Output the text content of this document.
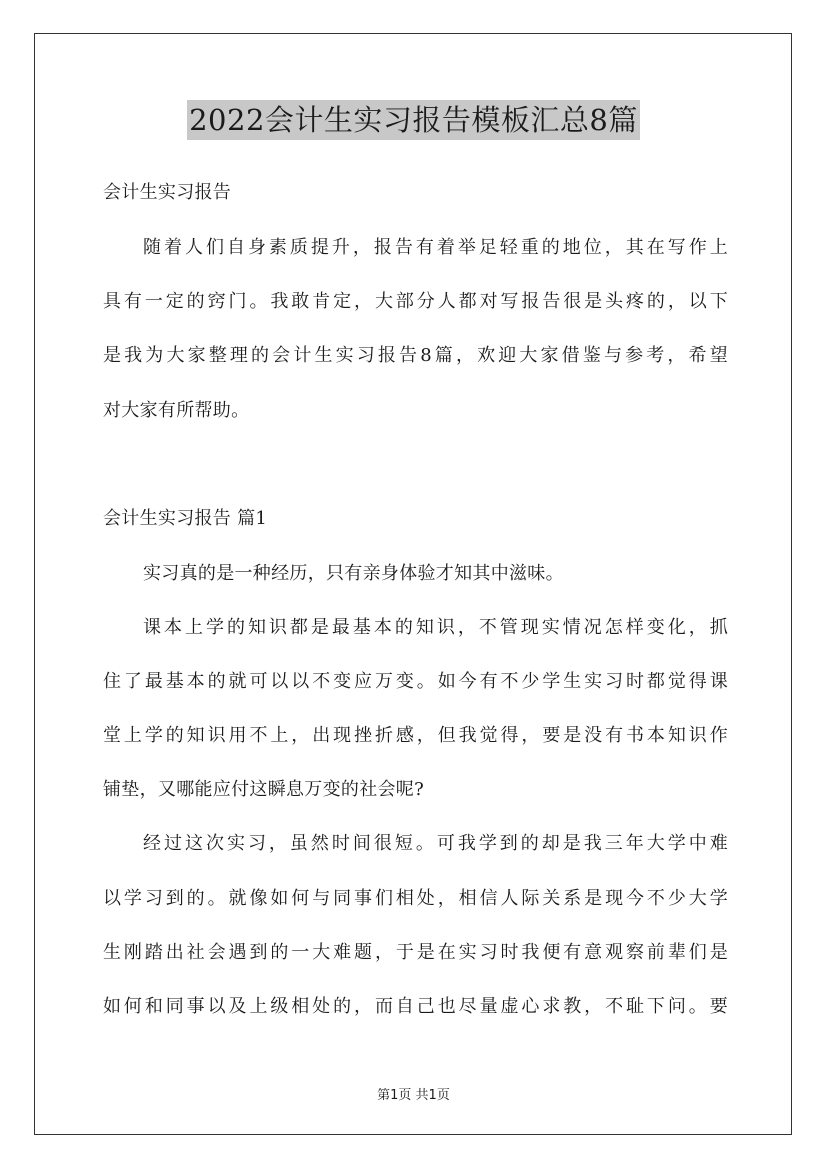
2022会计生实习报告模板汇总8篇
会计生实习报告
随着人们自身素质提升，报告有着举足轻重的地位，其在写作上
具有一定的窍门。我敢肯定，大部分人都对写报告很是头疼的，以下
是我为大家整理的会计生实习报告8篇，欢迎大家借鉴与参考，希望
对大家有所帮助。
会计生实习报告 篇1
实习真的是一种经历，只有亲身体验才知其中滋味。
课本上学的知识都是最基本的知识，不管现实情况怎样变化，抓
住了最基本的就可以以不变应万变。如今有不少学生实习时都觉得课
堂上学的知识用不上，出现挫折感，但我觉得，要是没有书本知识作
铺垫，又哪能应付这瞬息万变的社会呢?
经过这次实习，虽然时间很短。可我学到的却是我三年大学中难
以学习到的。就像如何与同事们相处，相信人际关系是现今不少大学
生刚踏出社会遇到的一大难题，于是在实习时我便有意观察前辈们是
如何和同事以及上级相处的，而自己也尽量虚心求教，不耻下问。要
第1页 共1页
